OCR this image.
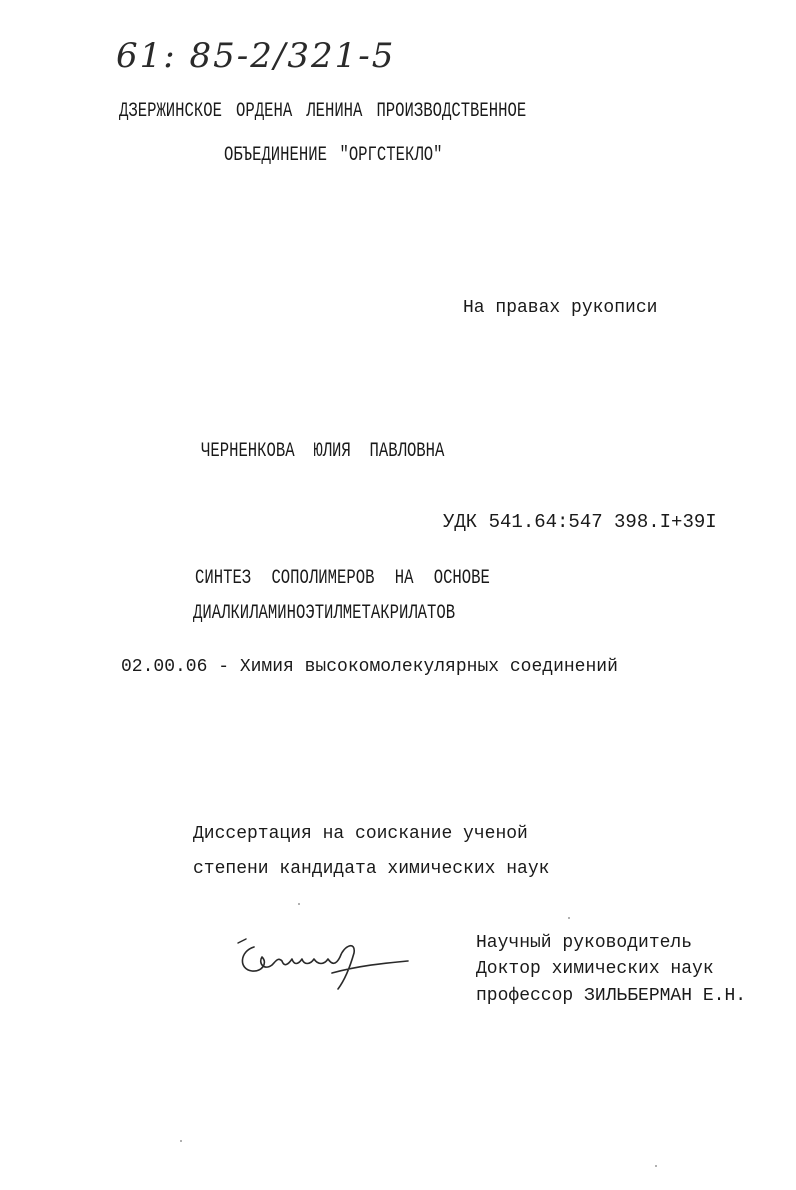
61: 85-2/321-5
ДЗЕРЖИНСКОЕ ОРДЕНА ЛЕНИНА ПРОИЗВОДСТВЕННОЕ
ОБЪЕДИНЕНИЕ "ОРГСТЕКЛО"
На правах рукописи
ЧЕРНЕНКОВА ЮЛИЯ ПАВЛОВНА
УДК 541.64:547 398.I+39I
СИНТЕЗ СОПОЛИМЕРОВ НА ОСНОВЕ
ДИАЛКИЛАМИНОЭТИЛМЕТАКРИЛАТОВ
02.00.06 - Химия высокомолекулярных соединений
Диссертация на соискание ученой
степени кандидата химических наук
Научный руководитель
Доктор химических наук
профессор ЗИЛЬБЕРМАН Е.Н.
